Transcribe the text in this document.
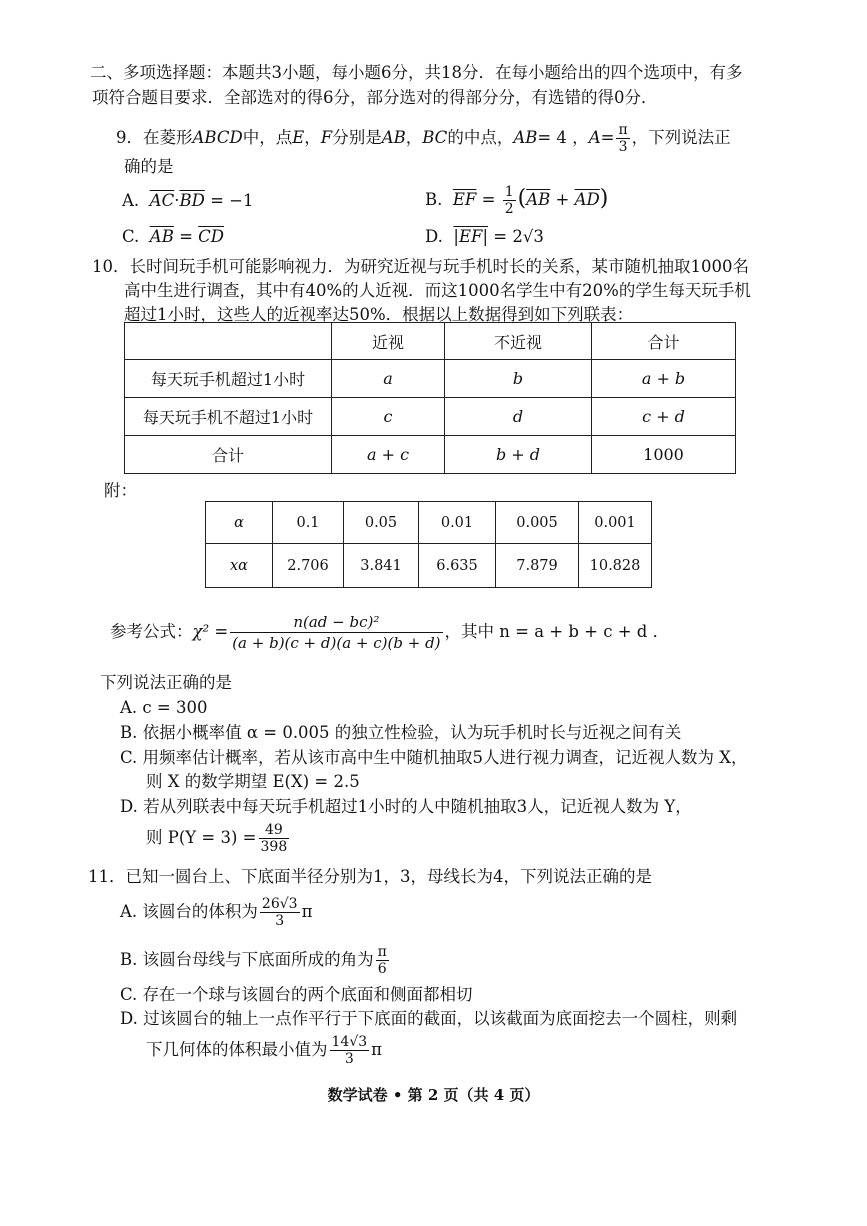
二、多项选择题：本题共3小题，每小题6分，共18分．在每小题给出的四个选项中，有多
项符合题目要求．全部选对的得6分，部分选对的得部分分，有选错的得0分．
9．在菱形ABCD中，点E，F分别是AB，BC的中点，AB= 4 ，$A= \frac{\pi}{3}$ ，下列说法正
确的是
A. $\overline{AC}\cdot\overline{BD} = -1$	B. $\overline{EF} = \frac{1}{2} (\overline{AB} + \overline{AD})$
C. $\overline{AB} = \overline{CD}$	D. |EF| = 2√3
10．长时间玩手机可能影响视力．为研究近视与玩手机时长的关系，某市随机抽取1000名
高中生进行调查，其中有40%的人近视．而这1000名学生中有20%的学生每天玩手机
超过1小时，这些人的近视率达50%．根据以上数据得到如下列联表：
	近视	不近视	合计
每天玩手机超过1小时	a	b	a + b
每天玩手机不超过1小时	c	d	c + d
合计	a + c	b + d	1000
附：
α	0.1	0.05	0.01	0.005	0.001
xα	2.706	3.841	6.635	7.879	10.828
参考公式：$\chi^2 = \frac{\text{n(ad − bc)²}}{(a + b)(c + d)(a + c)(b + d)}$ ，其中 n = a + b + c + d ．
下列说法正确的是
A. c = 300
B. 依据小概率值 α = 0.005 的独立性检验，认为玩手机时长与近视之间有关
C. 用频率估计概率，若从该市高中生中随机抽取5人进行视力调查，记近视人数为 X，
则 X 的数学期望 E(X) = 2.5
D. 若从列联表中每天玩手机超过1小时的人中随机抽取3人，记近视人数为 Y，
则 $P(Y = 3) = \frac{49}{398}$
11．已知一圆台上、下底面半径分别为1，3，母线长为4，下列说法正确的是
A. 该圆台的体积为 $\frac{26√3}{3}$ π
B. 该圆台母线与下底面所成的角为 $\frac{\pi}{6}$
C. 存在一个球与该圆台的两个底面和侧面都相切
D. 过该圆台的轴上一点作平行于下底面的截面，以该截面为底面挖去一个圆柱，则剩
下几何体的体积最小值为 $\frac{14√3}{3}$ π
数学试卷 • 第 2 页（共 4 页）
